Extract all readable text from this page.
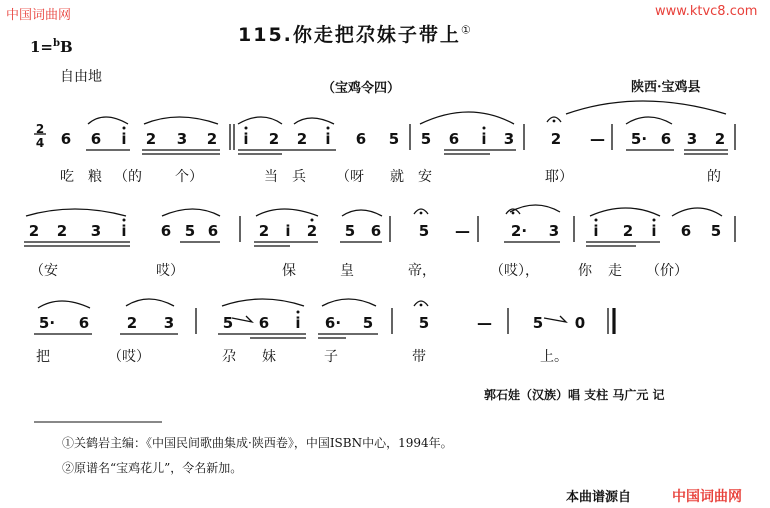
中国词曲网	www.ktvc8.com
115.你走把尕妹子带上①
1=$^b$B
自由地
（宝鸡令四）	陕西·宝鸡县
2
4 6 6 i 2 3 2 i 2 2 i 6 5 5 6 i 3 2 — 5· 6 3 2
吃 粮 （的 个）	当 兵 （呀 就 安	耶）	的
2 2 3 i 6 5 6	2 i 2 5 6	5 —	2· 3 i 2 i 6 5
（安	哎）	保	皇	帝，	（哎），	你 走 （价）
5· 6	2 3	5 6 i 6· 5	5	—	5 0
把	（哎）	尕 妹	子	带	上。
郭石娃（汉族）唱 支柱 马广元 记
①关鹤岩主编：《中国民间歌曲集成·陕西卷》，中国ISBN中心，1994年。
②原谱名“宝鸡花儿”，令名新加。
本曲谱源自	中国词曲网
